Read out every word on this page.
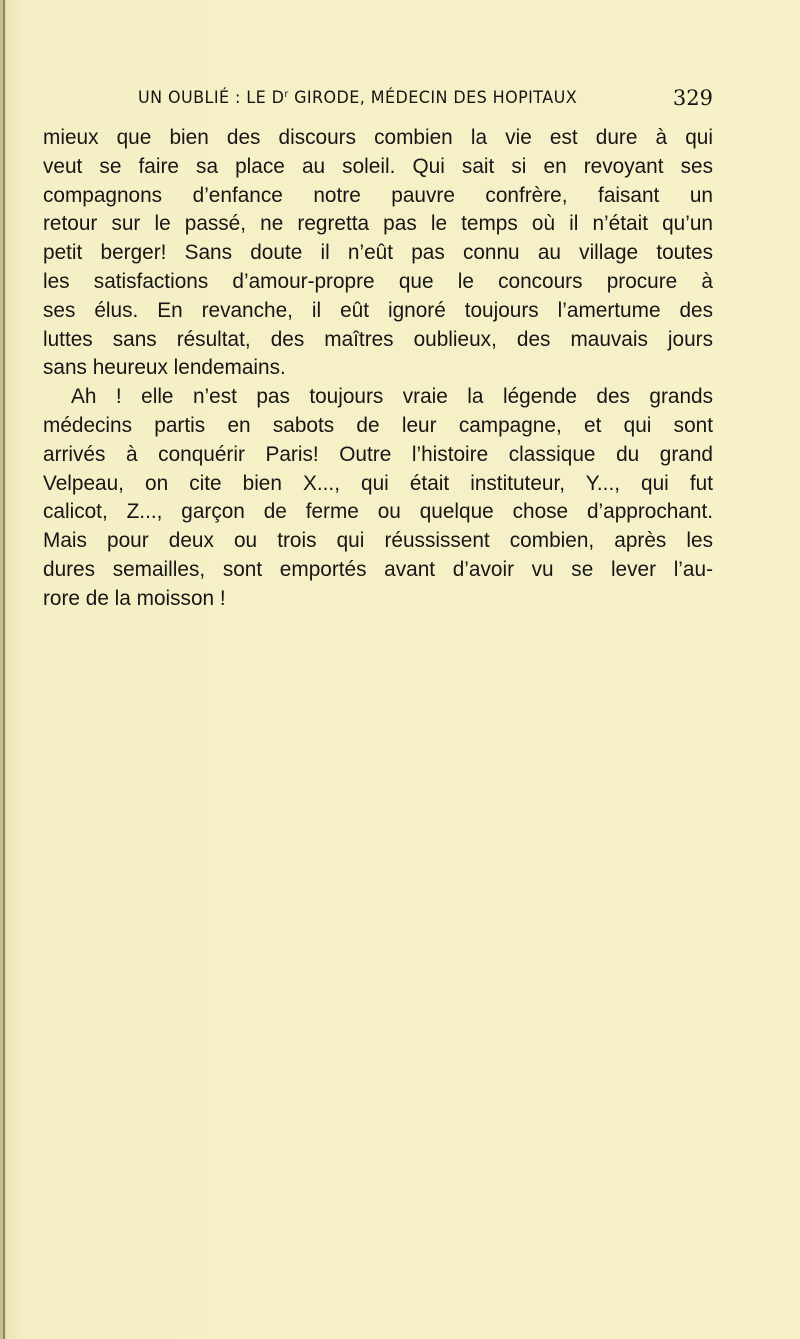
UN OUBLIÉ : LE $D^r$ GIRODE, MÉDECIN DES HOPITAUX	329
mieux que bien des discours combien la vie est dure à qui
veut se faire sa place au soleil. Qui sait si en revoyant ses
compagnons d’enfance notre pauvre confrère, faisant un
retour sur le passé, ne regretta pas le temps où il n’était qu’un
petit berger! Sans doute il n’eût pas connu au village toutes
les satisfactions d’amour-propre que le concours procure à
ses élus. En revanche, il eût ignoré toujours l’amertume des
luttes sans résultat, des maîtres oublieux, des mauvais jours
sans heureux lendemains.
Ah ! elle n’est pas toujours vraie la légende des grands
médecins partis en sabots de leur campagne, et qui sont
arrivés à conquérir Paris! Outre l’histoire classique du grand
Velpeau, on cite bien X..., qui était instituteur, Y..., qui fut
calicot, Z..., garçon de ferme ou quelque chose d’approchant.
Mais pour deux ou trois qui réussissent combien, après les
dures semailles, sont emportés avant d’avoir vu se lever l’au-
rore de la moisson !
